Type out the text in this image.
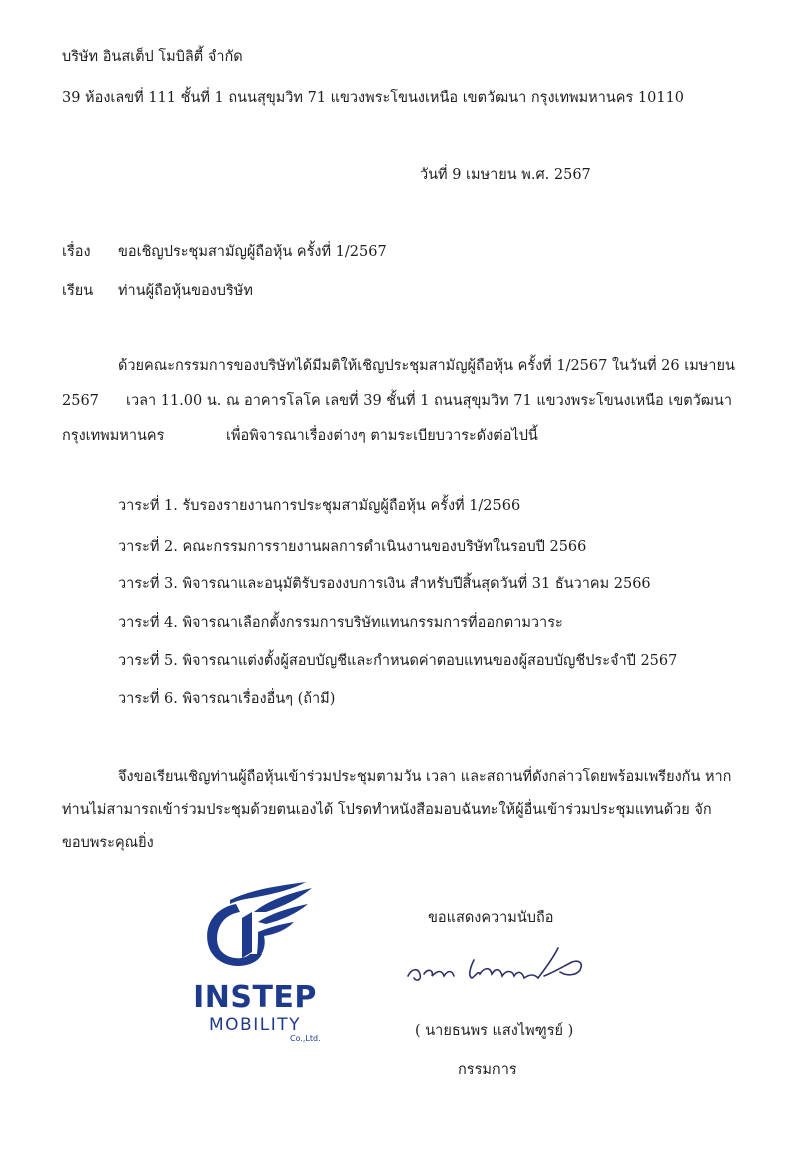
บริษัท อินสเต็ป โมบิลิตี้ จำกัด
39 ห้องเลขที่ 111 ชั้นที่ 1 ถนนสุขุมวิท 71 แขวงพระโขนงเหนือ เขตวัฒนา กรุงเทพมหานคร 10110
วันที่ 9 เมษายน พ.ศ. 2567
เรื่อง ขอเชิญประชุมสามัญผู้ถือหุ้น ครั้งที่ 1/2567
เรียน ท่านผู้ถือหุ้นของบริษัท
ด้วยคณะกรรมการของบริษัทได้มีมติให้เชิญประชุมสามัญผู้ถือหุ้น ครั้งที่ 1/2567 ในวันที่ 26 เมษายน
2567 เวลา 11.00 น. ณ อาคารโลโค เลขที่ 39 ชั้นที่ 1 ถนนสุขุมวิท 71 แขวงพระโขนงเหนือ เขตวัฒนา
กรุงเทพมหานคร	เพื่อพิจารณาเรื่องต่างๆ ตามระเบียบวาระดังต่อไปนี้
วาระที่ 1. รับรองรายงานการประชุมสามัญผู้ถือหุ้น ครั้งที่ 1/2566
วาระที่ 2. คณะกรรมการรายงานผลการดำเนินงานของบริษัทในรอบปี 2566
วาระที่ 3. พิจารณาและอนุมัติรับรองงบการเงิน สำหรับปีสิ้นสุดวันที่ 31 ธันวาคม 2566
วาระที่ 4. พิจารณาเลือกตั้งกรรมการบริษัทแทนกรรมการที่ออกตามวาระ
วาระที่ 5. พิจารณาแต่งตั้งผู้สอบบัญชีและกำหนดค่าตอบแทนของผู้สอบบัญชีประจำปี 2567
วาระที่ 6. พิจารณาเรื่องอื่นๆ (ถ้ามี)
จึงขอเรียนเชิญท่านผู้ถือหุ้นเข้าร่วมประชุมตามวัน เวลา และสถานที่ดังกล่าวโดยพร้อมเพรียงกัน หาก
ท่านไม่สามารถเข้าร่วมประชุมด้วยตนเองได้ โปรดทำหนังสือมอบฉันทะให้ผู้อื่นเข้าร่วมประชุมแทนด้วย จัก
ขอบพระคุณยิ่ง
INSTEP
MOBILITY
Co.,Ltd.
ขอแสดงความนับถือ
( นายธนพร แสงไพฑูรย์ )
กรรมการ
